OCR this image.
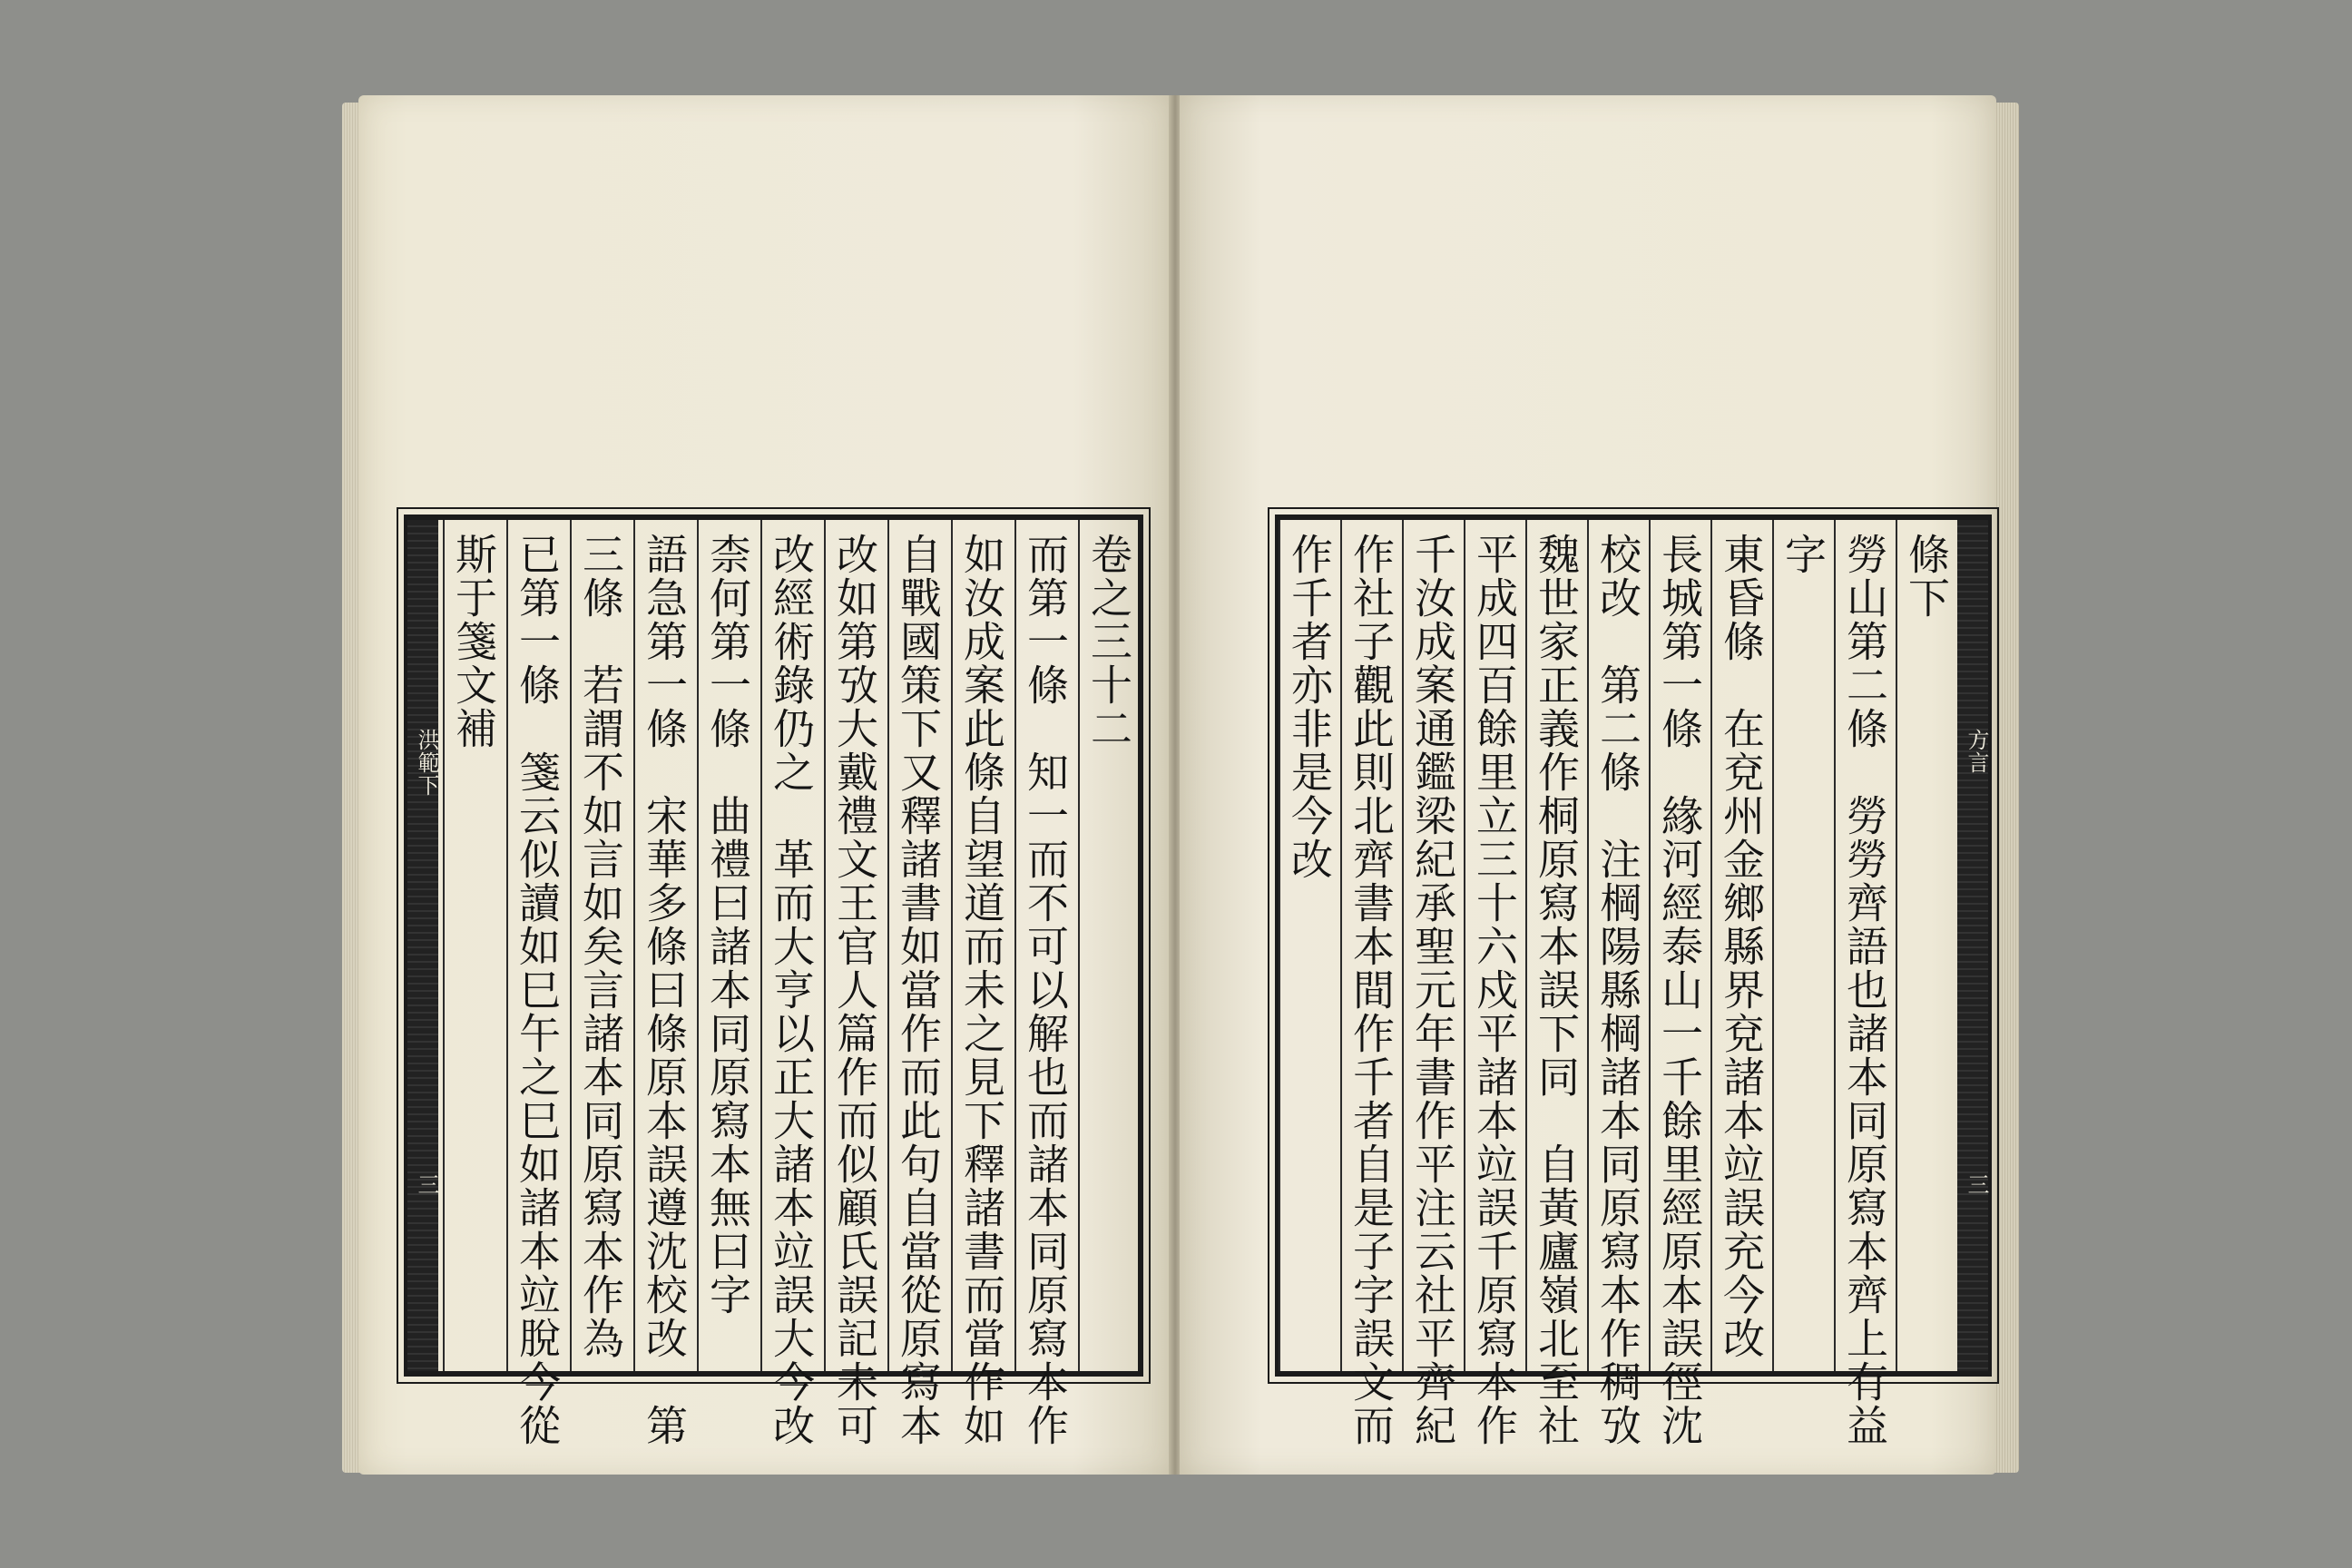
洪範下
三
卷之三十二
而第一條　知一而不可以解也而諸本同原寫本作
如汝成案此條自望道而未之見下釋諸書而當作如
自戰國策下又釋諸書如當作而此句自當從原寫本
改如第攷大戴禮文王官人篇作而似顧氏誤記未可
改經術錄仍之　革而大亨以正大諸本竝誤大今改
柰何第一條　曲禮曰諸本同原寫本無曰字
語急第一條　宋華多條曰條原本誤遵沈校改　第
三條　若謂不如言如矣言諸本同原寫本作為
已第一條　箋云似讀如巳午之巳如諸本竝脫今從
斯于箋文補
方言
三
條下
勞山第二條　勞勞齊語也諸本同原寫本齊上有益
字
東昏條　在兗州金鄉縣界兗諸本竝誤充今改
長城第一條　緣河經泰山一千餘里經原本誤徑沈
校改　第二條　注棡陽縣棡諸本同原寫本作稠攷
魏世家正義作桐原寫本誤下同　自黃廬嶺北至社
平成四百餘里立三十六戍平諸本竝誤千原寫本作
千汝成案通鑑梁紀承聖元年書作平注云社平齊紀
作社子觀此則北齊書本間作千者自是子字誤文而
作千者亦非是今改
